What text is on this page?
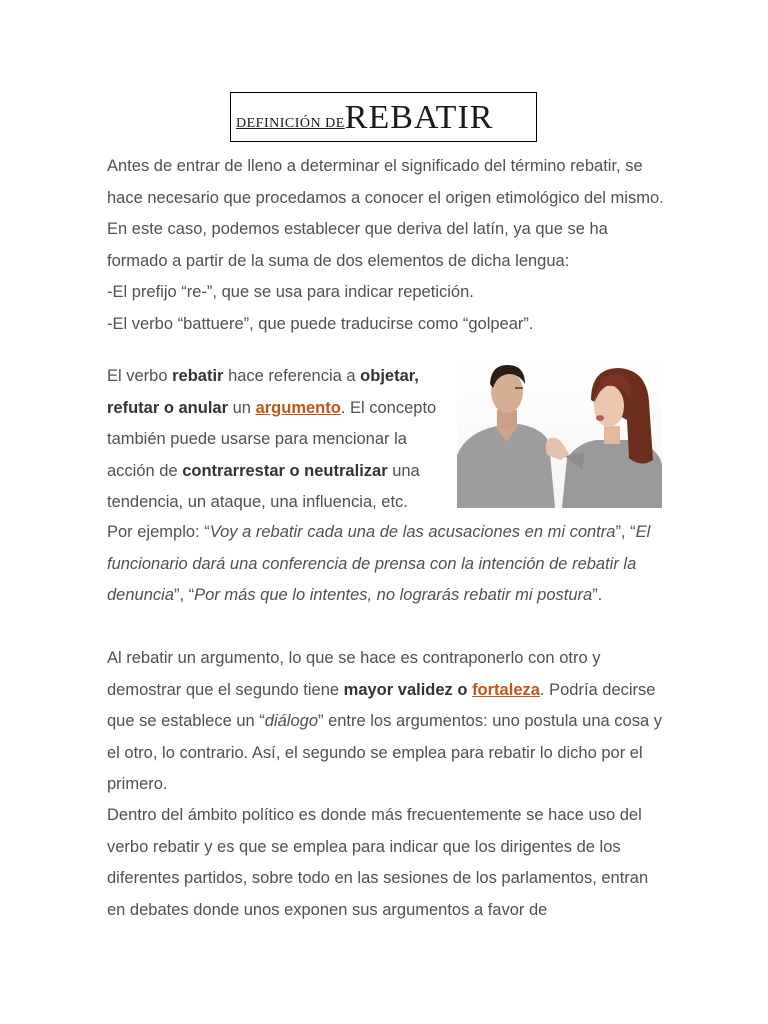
DEFINICIÓN DE REBATIR

Antes de entrar de lleno a determinar el significado del término rebatir, se hace necesario que procedamos a conocer el origen etimológico del mismo. En este caso, podemos establecer que deriva del latín, ya que se ha formado a partir de la suma de dos elementos de dicha lengua:

-El prefijo “re-”, que se usa para indicar repetición.

-El verbo “battuere”, que puede traducirse como “golpear”.

El verbo rebatir hace referencia a objetar, refutar o anular un argumento. El concepto también puede usarse para mencionar la acción de contrarrestar o neutralizar una tendencia, un ataque, una influencia, etc.

Por ejemplo: “Voy a rebatir cada una de las acusaciones en mi contra”, “El funcionario dará una conferencia de prensa con la intención de rebatir la denuncia”, “Por más que lo intentes, no lograrás rebatir mi postura”.

Al rebatir un argumento, lo que se hace es contraponerlo con otro y demostrar que el segundo tiene mayor validez o fortaleza. Podría decirse que se establece un “diálogo” entre los argumentos: uno postula una cosa y el otro, lo contrario. Así, el segundo se emplea para rebatir lo dicho por el primero.

Dentro del ámbito político es donde más frecuentemente se hace uso del verbo rebatir y es que se emplea para indicar que los dirigentes de los diferentes partidos, sobre todo en las sesiones de los parlamentos, entran en debates donde unos exponen sus argumentos a favor de
